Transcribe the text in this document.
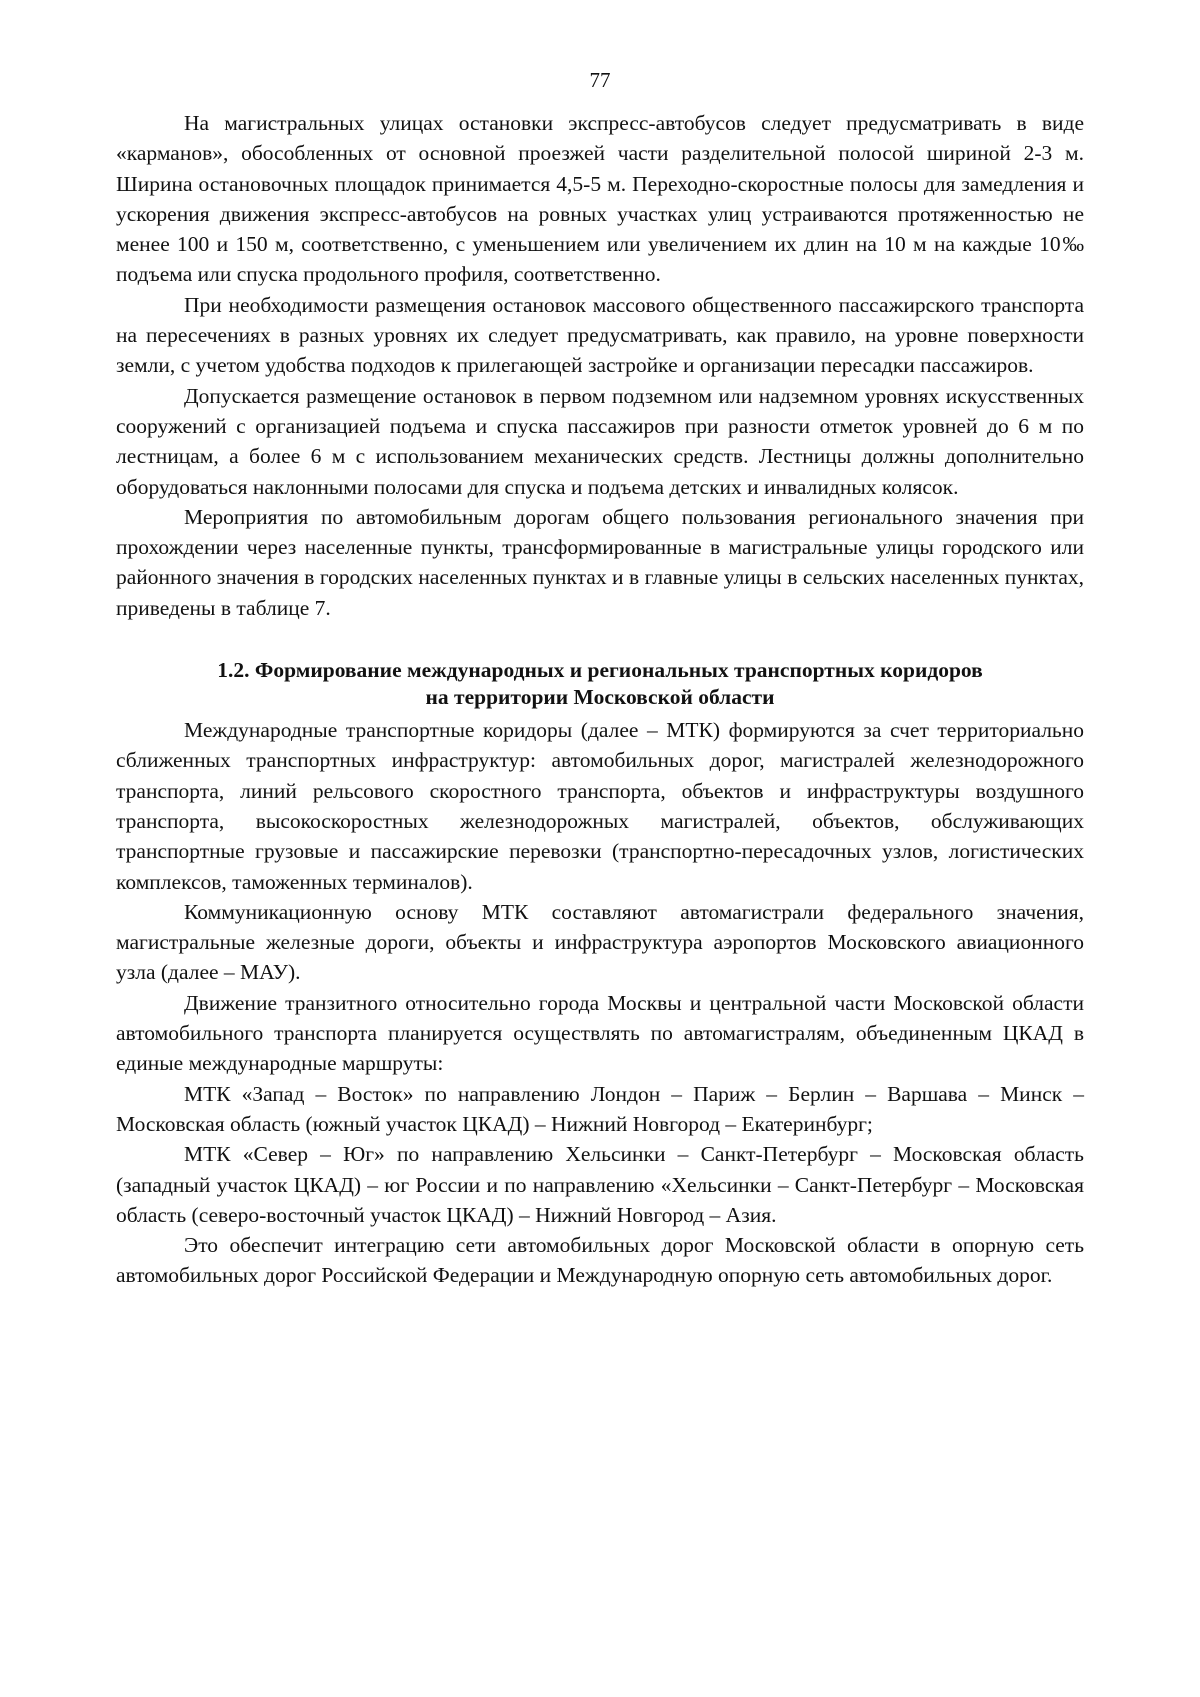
77

На магистральных улицах остановки экспресс-автобусов следует предусматривать в виде «карманов», обособленных от основной проезжей части разделительной полосой шириной 2-3 м. Ширина остановочных площадок принимается 4,5-5 м. Переходно-скоростные полосы для замедления и ускорения движения экспресс-автобусов на ровных участках улиц устраиваются протяженностью не менее 100 и 150 м, соответственно, с уменьшением или увеличением их длин на 10 м на каждые 10‰ подъема или спуска продольного профиля, соответственно.

При необходимости размещения остановок массового общественного пассажирского транспорта на пересечениях в разных уровнях их следует предусматривать, как правило, на уровне поверхности земли, с учетом удобства подходов к прилегающей застройке и организации пересадки пассажиров.

Допускается размещение остановок в первом подземном или надземном уровнях искусственных сооружений с организацией подъема и спуска пассажиров при разности отметок уровней до 6 м по лестницам, а более 6 м с использованием механических средств. Лестницы должны дополнительно оборудоваться наклонными полосами для спуска и подъема детских и инвалидных колясок.

Мероприятия по автомобильным дорогам общего пользования регионального значения при прохождении через населенные пункты, трансформированные в магистральные улицы городского или районного значения в городских населенных пунктах и в главные улицы в сельских населенных пунктах, приведены в таблице 7.

1.2. Формирование международных и региональных транспортных коридоров
на территории Московской области

Международные транспортные коридоры (далее – МТК) формируются за счет территориально сближенных транспортных инфраструктур: автомобильных дорог, магистралей железнодорожного транспорта, линий рельсового скоростного транспорта, объектов и инфраструктуры воздушного транспорта, высокоскоростных железнодорожных магистралей, объектов, обслуживающих транспортные грузовые и пассажирские перевозки (транспортно-пересадочных узлов, логистических комплексов, таможенных терминалов).

Коммуникационную основу МТК составляют автомагистрали федерального значения, магистральные железные дороги, объекты и инфраструктура аэропортов Московского авиационного узла (далее – МАУ).

Движение транзитного относительно города Москвы и центральной части Московской области автомобильного транспорта планируется осуществлять по автомагистралям, объединенным ЦКАД в единые международные маршруты:

МТК «Запад – Восток» по направлению Лондон – Париж – Берлин – Варшава – Минск – Московская область (южный участок ЦКАД) – Нижний Новгород – Екатеринбург;

МТК «Север – Юг» по направлению Хельсинки – Санкт-Петербург – Московская область (западный участок ЦКАД) – юг России и по направлению «Хельсинки – Санкт-Петербург – Московская область (северо-восточный участок ЦКАД) – Нижний Новгород – Азия.

Это обеспечит интеграцию сети автомобильных дорог Московской области в опорную сеть автомобильных дорог Российской Федерации и Международную опорную сеть автомобильных дорог.
